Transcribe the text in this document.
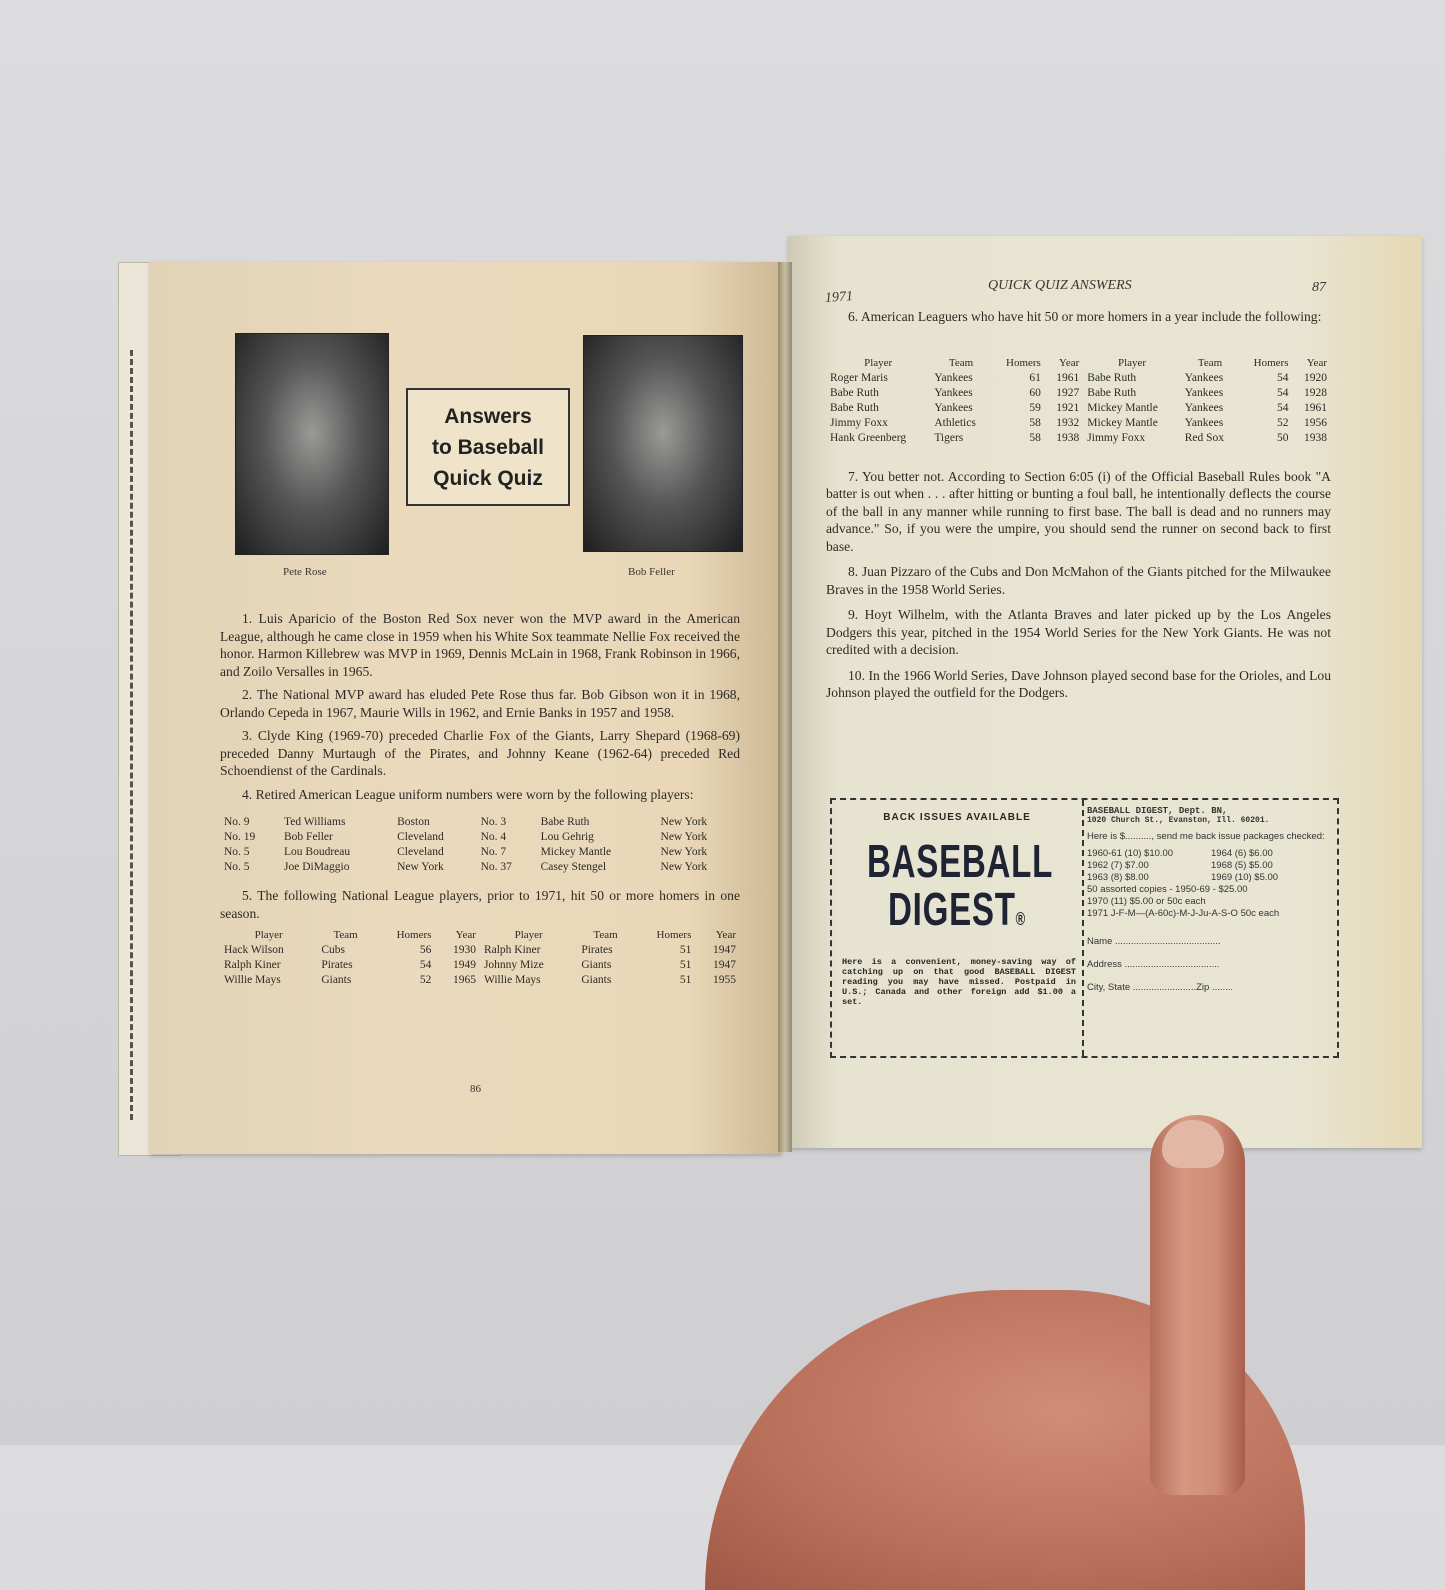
Pete Rose	Bob Feller
Answers
to Baseball
Quick Quiz

1. Luis Aparicio of the Boston Red Sox never won the MVP award in the American League, although he came close in 1959 when his White Sox teammate Nellie Fox received the honor. Harmon Killebrew was MVP in 1969, Dennis McLain in 1968, Frank Robinson in 1966, and Zoilo Versalles in 1965.

2. The National MVP award has eluded Pete Rose thus far. Bob Gibson won it in 1968, Orlando Cepeda in 1967, Maurie Wills in 1962, and Ernie Banks in 1957 and 1958.

3. Clyde King (1969-70) preceded Charlie Fox of the Giants, Larry Shepard (1968-69) preceded Danny Murtaugh of the Pirates, and Johnny Keane (1962-64) preceded Red Schoendienst of the Cardinals.

4. Retired American League uniform numbers were worn by the following players:

No. 9	Ted Williams	Boston	No. 3	Babe Ruth	New York
No. 19	Bob Feller	Cleveland	No. 4	Lou Gehrig	New York
No. 5	Lou Boudreau	Cleveland	No. 7	Mickey Mantle	New York
No. 5	Joe DiMaggio	New York	No. 37	Casey Stengel	New York

5. The following National League players, prior to 1971, hit 50 or more homers in one season.

Player	Team	Homers	Year	Player	Team	Homers	Year
Hack Wilson	Cubs	56	1930	Ralph Kiner	Pirates	51	1947
Ralph Kiner	Pirates	54	1949	Johnny Mize	Giants	51	1947
Willie Mays	Giants	52	1965	Willie Mays	Giants	51	1955
86
1971
QUICK QUIZ ANSWERS	87

6. American Leaguers who have hit 50 or more homers in a year include the following:

Player	Team	Homers	Year	Player	Team	Homers	Year
Roger Maris	Yankees	61	1961	Babe Ruth	Yankees	54	1920
Babe Ruth	Yankees	60	1927	Babe Ruth	Yankees	54	1928
Babe Ruth	Yankees	59	1921	Mickey Mantle	Yankees	54	1961
Jimmy Foxx	Athletics	58	1932	Mickey Mantle	Yankees	52	1956
Hank Greenberg	Tigers	58	1938	Jimmy Foxx	Red Sox	50	1938

7. You better not. According to Section 6:05 (i) of the Official Baseball Rules book "A batter is out when . . . after hitting or bunting a foul ball, he intentionally deflects the course of the ball in any manner while running to first base. The ball is dead and no runners may advance." So, if you were the umpire, you should send the runner on second back to first base.

8. Juan Pizzaro of the Cubs and Don McMahon of the Giants pitched for the Milwaukee Braves in the 1958 World Series.

9. Hoyt Wilhelm, with the Atlanta Braves and later picked up by the Los Angeles Dodgers this year, pitched in the 1954 World Series for the New York Giants. He was not credited with a decision.

10. In the 1966 World Series, Dave Johnson played second base for the Orioles, and Lou Johnson played the outfield for the Dodgers.

BACK ISSUES AVAILABLE
BASEBALL
DIGEST®
Here is a convenient, money-saving way of catching up on that good BASEBALL DIGEST reading you may have missed. Postpaid in U.S.; Canada and other foreign add $1.00 a set.
BASEBALL DIGEST, Dept. BN,
1020 Church St., Evanston, Ill. 60201.
Here is $.........., send me back issue packages checked:
1960-61 (10) $10.00	1964 (6) $6.00
1962 (7) $7.00	1968 (5) $5.00
1963 (8) $8.00	1969 (10) $5.00
50 assorted copies - 1950-69 - $25.00
1970 (11) $5.00 or 50c each
1971 J-F-M—(A-60c)-M-J-Ju-A-S-O 50c each
Name ........................................
Address ....................................
City, State ........................Zip ........
